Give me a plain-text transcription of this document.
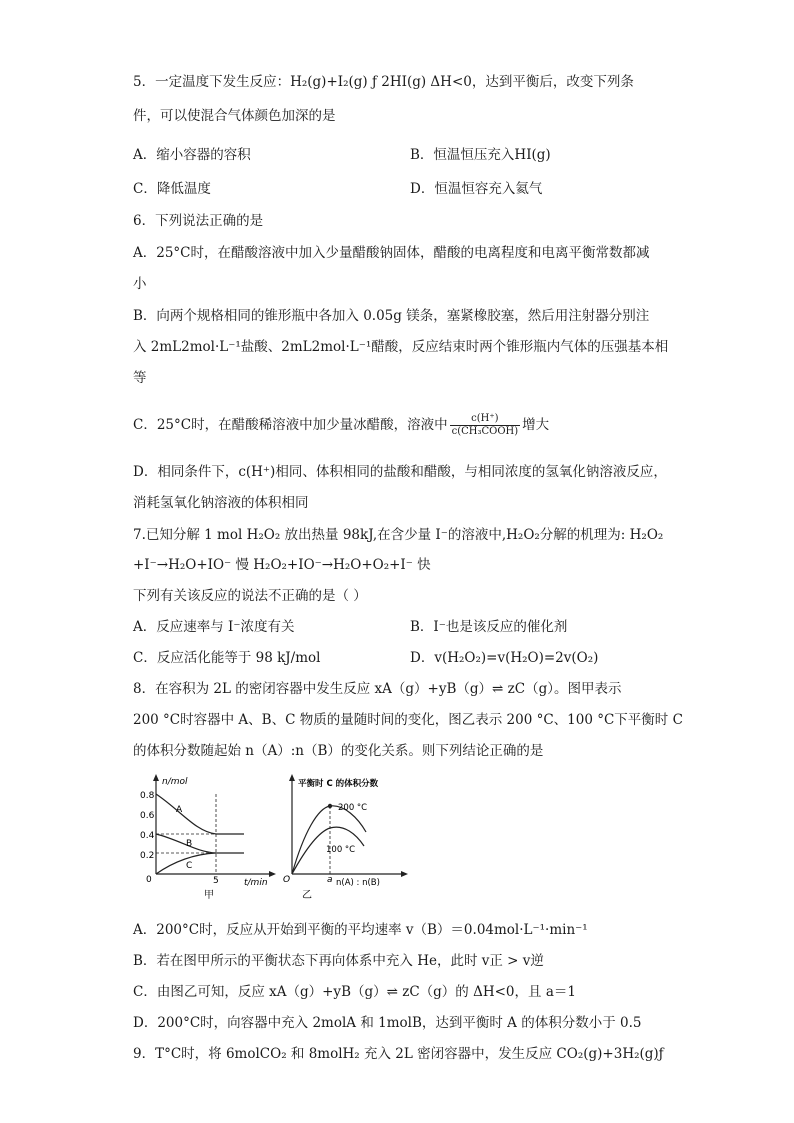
5．一定温度下发生反应：H₂(g)+I₂(g) ƒ 2HI(g) ΔH<0，达到平衡后，改变下列条
件，可以使混合气体颜色加深的是
A．缩小容器的容积	B．恒温恒压充入HI(g)
C．降低温度	D．恒温恒容充入氦气
6．下列说法正确的是
A．25°C时，在醋酸溶液中加入少量醋酸钠固体，醋酸的电离程度和电离平衡常数都减
小
B．向两个规格相同的锥形瓶中各加入 0.05g 镁条，塞紧橡胶塞，然后用注射器分别注
入 2mL2mol·L⁻¹盐酸、2mL2mol·L⁻¹醋酸，反应结束时两个锥形瓶内气体的压强基本相
等
C．25°C时，在醋酸稀溶液中加少量冰醋酸，溶液中 $\frac{c(H^+)}{\text{c(CH₃COOH)}}$ 增大
D．相同条件下，c(H⁺)相同、体积相同的盐酸和醋酸，与相同浓度的氢氧化钠溶液反应，
消耗氢氧化钠溶液的体积相同
7.已知分解 1 mol H₂O₂ 放出热量 98kJ,在含少量 I⁻的溶液中,H₂O₂分解的机理为: H₂O₂
+I⁻→H₂O+IO⁻ 慢 H₂O₂+IO⁻→H₂O+O₂+I⁻ 快
下列有关该反应的说法不正确的是（ ）
A．反应速率与 I⁻浓度有关	B．I⁻也是该反应的催化剂
C．反应活化能等于 98 kJ/mol	D．v(H₂O₂)=v(H₂O)=2v(O₂)
8．在容积为 2L 的密闭容器中发生反应 xA（g）+yB（g）⇌ zC（g）。图甲表示
200 °C时容器中 A、B、C 物质的量随时间的变化，图乙表示 200 °C、100 °C下平衡时 C
的体积分数随起始 n（A）:n（B）的变化关系。则下列结论正确的是
n/mol
0.8
0.6
0.4
0.2
0
A
B
C
5	t/min
甲
平衡时 C 的体积分数
200 °C
100 °C
O	a n(A) : n(B)
乙
A．200°C时，反应从开始到平衡的平均速率 v（B）＝0.04mol·L⁻¹·min⁻¹
B．若在图甲所示的平衡状态下再向体系中充入 He，此时 v正 > v逆
C．由图乙可知，反应 xA（g）+yB（g）⇌ zC（g）的 ΔH<0，且 a＝1
D．200°C时，向容器中充入 2molA 和 1molB，达到平衡时 A 的体积分数小于 0.5
9．T°C时，将 6molCO₂ 和 8molH₂ 充入 2L 密闭容器中，发生反应 CO₂(g)+3H₂(g)ƒ
